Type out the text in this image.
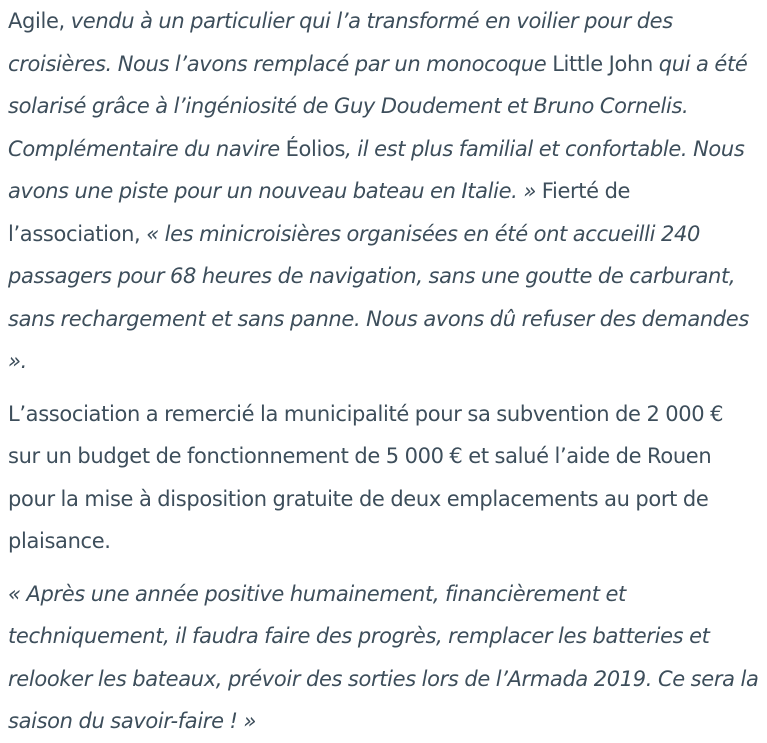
Agile, vendu à un particulier qui l’a transformé en voilier pour des croisières. Nous l’avons remplacé par un monocoque Little John qui a été solarisé grâce à l’ingéniosité de Guy Doudement et Bruno Cornelis. Complémentaire du navire Éolios, il est plus familial et confortable. Nous avons une piste pour un nouveau bateau en Italie. » Fierté de l’association, « les minicroisières organisées en été ont accueilli 240 passagers pour 68 heures de navigation, sans une goutte de carburant, sans rechargement et sans panne. Nous avons dû refuser des demandes ».

L’association a remercié la municipalité pour sa subvention de 2 000 € sur un budget de fonctionnement de 5 000 € et salué l’aide de Rouen pour la mise à disposition gratuite de deux emplacements au port de plaisance.

« Après une année positive humainement, financièrement et techniquement, il faudra faire des progrès, remplacer les batteries et relooker les bateaux, prévoir des sorties lors de l’Armada 2019. Ce sera la saison du savoir-faire ! »
